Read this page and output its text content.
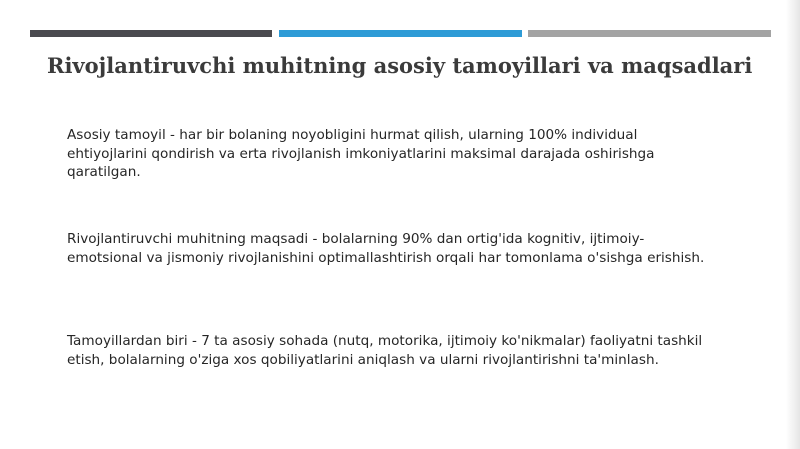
Rivojlantiruvchi muhitning asosiy tamoyillari va maqsadlari

Asosiy tamoyil - har bir bolaning noyobligini hurmat qilish, ularning 100% individual ehtiyojlarini qondirish va erta rivojlanish imkoniyatlarini maksimal darajada oshirishga qaratilgan.

Rivojlantiruvchi muhitning maqsadi - bolalarning 90% dan ortig'ida kognitiv, ijtimoiy-emotsional va jismoniy rivojlanishini optimallashtirish orqali har tomonlama o'sishga erishish.

Tamoyillardan biri - 7 ta asosiy sohada (nutq, motorika, ijtimoiy ko'nikmalar) faoliyatni tashkil etish, bolalarning o'ziga xos qobiliyatlarini aniqlash va ularni rivojlantirishni ta'minlash.
